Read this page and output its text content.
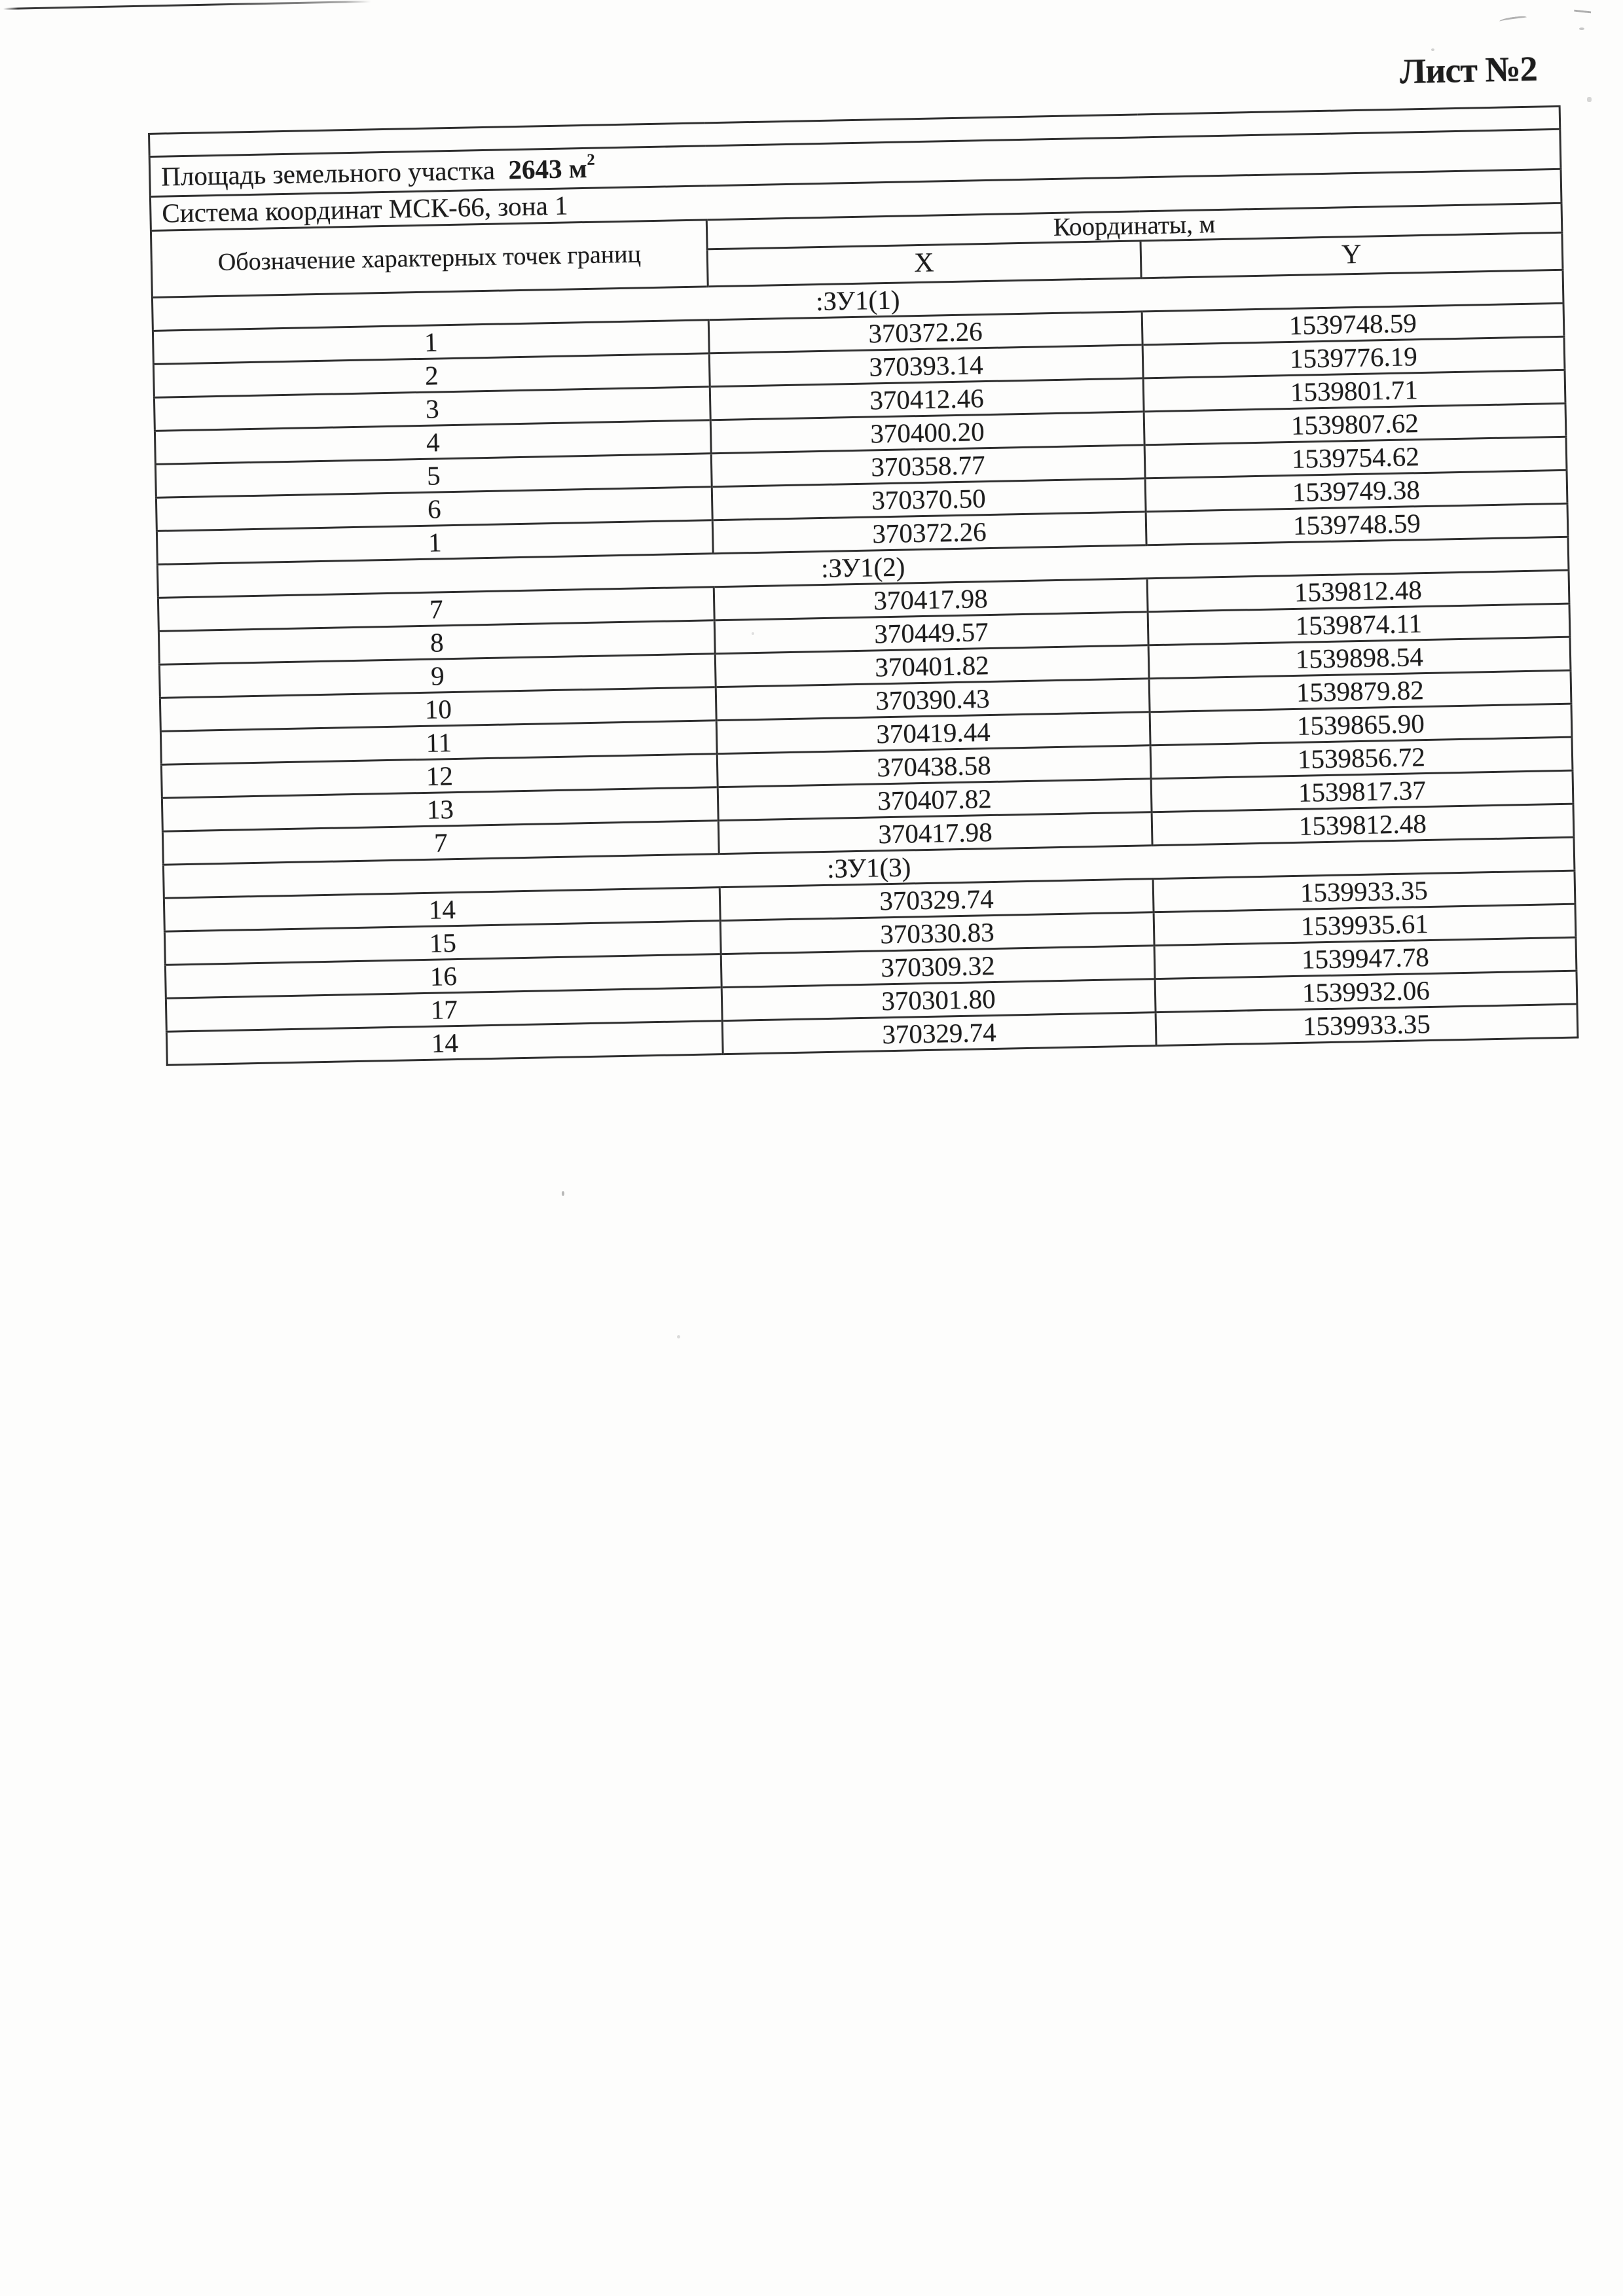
Лист №2

Площадь земельного участка 2643 $м^2$
Система координат МСК-66, зона 1		
Обозначение характерных точек границ	Координаты, м	
	X	Y
:ЗУ1(1)		
1	370372.26	1539748.59
2	370393.14	1539776.19
3	370412.46	1539801.71
4	370400.20	1539807.62
5	370358.77	1539754.62
6	370370.50	1539749.38
1	370372.26	1539748.59
:ЗУ1(2)		
7	370417.98	1539812.48
8	370449.57	1539874.11
9	370401.82	1539898.54
10	370390.43	1539879.82
11	370419.44	1539865.90
12	370438.58	1539856.72
13	370407.82	1539817.37
7	370417.98	1539812.48
:ЗУ1(3)		
14	370329.74	1539933.35
15	370330.83	1539935.61
16	370309.32	1539947.78
17	370301.80	1539932.06
14	370329.74	1539933.35
